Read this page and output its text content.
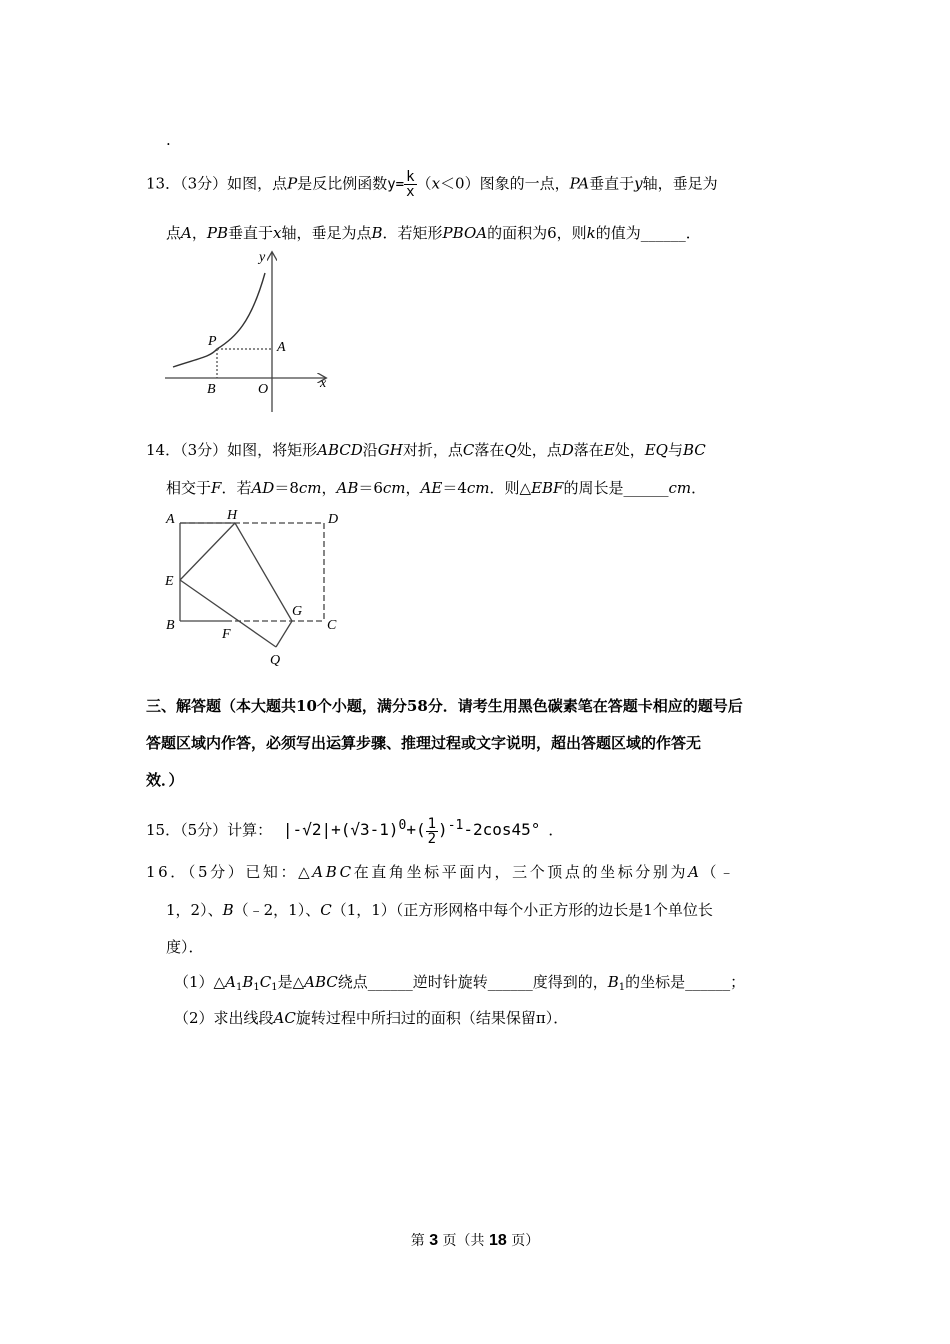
.
13．（3分）如图，点P是反比例函数$y= \frac{k}{x} (x<0)$图象的一点，PA垂直于y轴，垂足为
点A，PB垂直于x轴，垂足为点B．若矩形PBOA的面积为6，则k的值为______．
y
x
P	A
B	O
14．（3分）如图，将矩形ABCD沿GH对折，点C落在Q处，点D落在E处，EQ与BC
相交于F．若AD＝8cm，AB＝6cm，AE＝4cm．则△EBF的周长是______cm．
A	H	D
E
G
B
F
C
Q
三、解答题（本大题共10个小题，满分58分．请考生用黑色碳素笔在答题卡相应的题号后
答题区域内作答，必须写出运算步骤、推理过程或文字说明，超出答题区域的作答无
效．）
15．（5分）计算： $|-√2|+(√3-1)^0+( \frac{1}{2} )^{-1}-2\cos 45^\circ$ ．
16．（5分）已知：△ABC在直角坐标平面内，三个顶点的坐标分别为A（﹣
1，2）、B（﹣2，1）、C（1，1）（正方形网格中每个小正方形的边长是1个单位长
度）．
$(1)\triangle A_1B_1C_1$是△ABC绕点______逆时针旋转______度得到的，$B_1$的坐标是______；
（2）求出线段AC旋转过程中所扫过的面积（结果保留π）．
第 3 页（共 18 页）
